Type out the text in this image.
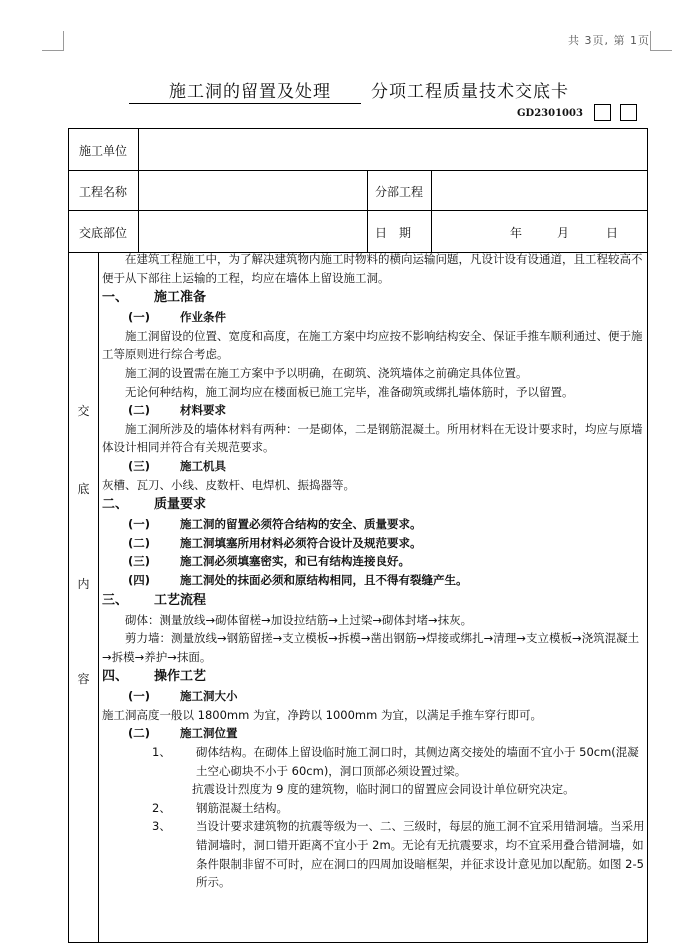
共 3页, 第 1页
施工洞的留置及处理 分项工程质量技术交底卡
GD2301003
施工单位
工程名称	分部工程
交底部位	日　期	年	月	日
交
底
内
容

在建筑工程施工中，为了解决建筑物内施工时物料的横向运输问题，凡设计设有设通道，且工程较高不便于从下部往上运输的工程，均应在墙体上留设施工洞。

一、 施工准备

(一)	作业条件

施工洞留设的位置、宽度和高度，在施工方案中均应按不影响结构安全、保证手推车顺利通过、便于施工等原则进行综合考虑。

施工洞的设置需在施工方案中予以明确，在砌筑、浇筑墙体之前确定具体位置。

无论何种结构，施工洞均应在楼面板已施工完毕，准备砌筑或绑扎墙体筋时，予以留置。

(二)	材料要求

施工洞所涉及的墙体材料有两种：一是砌体，二是钢筋混凝土。所用材料在无设计要求时，均应与原墙体设计相同并符合有关规范要求。

(三)	施工机具

灰槽、瓦刀、小线、皮数杆、电焊机、振捣器等。

二、 质量要求

(一)	施工洞的留置必须符合结构的安全、质量要求。

(二)	施工洞填塞所用材料必须符合设计及规范要求。

(三)	施工洞必须填塞密实，和已有结构连接良好。

(四)	施工洞处的抹面必须和原结构相同，且不得有裂缝产生。

三、 工艺流程

砌体：测量放线→砌体留槎→加设拉结筋→上过梁→砌体封堵→抹灰。

剪力墙：测量放线→钢筋留搓→支立模板→拆模→凿出钢筋→焊接或绑扎→清理→支立模板→浇筑混凝土→拆模→养护→抹面。

四、 操作工艺

(一)	施工洞大小

施工洞高度一般以 1800mm 为宜，净跨以 1000mm 为宜，以满足手推车穿行即可。

(二)	施工洞位置

1、 砌体结构。在砌体上留设临时施工洞口时，其侧边离交接处的墙面不宜小于 50cm(混凝土空心砌块不小于 60cm)，洞口顶部必须设置过梁。

抗震设计烈度为 9 度的建筑物，临时洞口的留置应会同设计单位研究决定。

2、 钢筋混凝土结构。

3、 当设计要求建筑物的抗震等级为一、二、三级时，每层的施工洞不宜采用错洞墙。当采用错洞墙时，洞口错开距离不宜小于 2m。无论有无抗震要求，均不宜采用叠合错洞墙，如条件限制非留不可时，应在洞口的四周加设暗框架，并征求设计意见加以配筋。如图 2-5 所示。
